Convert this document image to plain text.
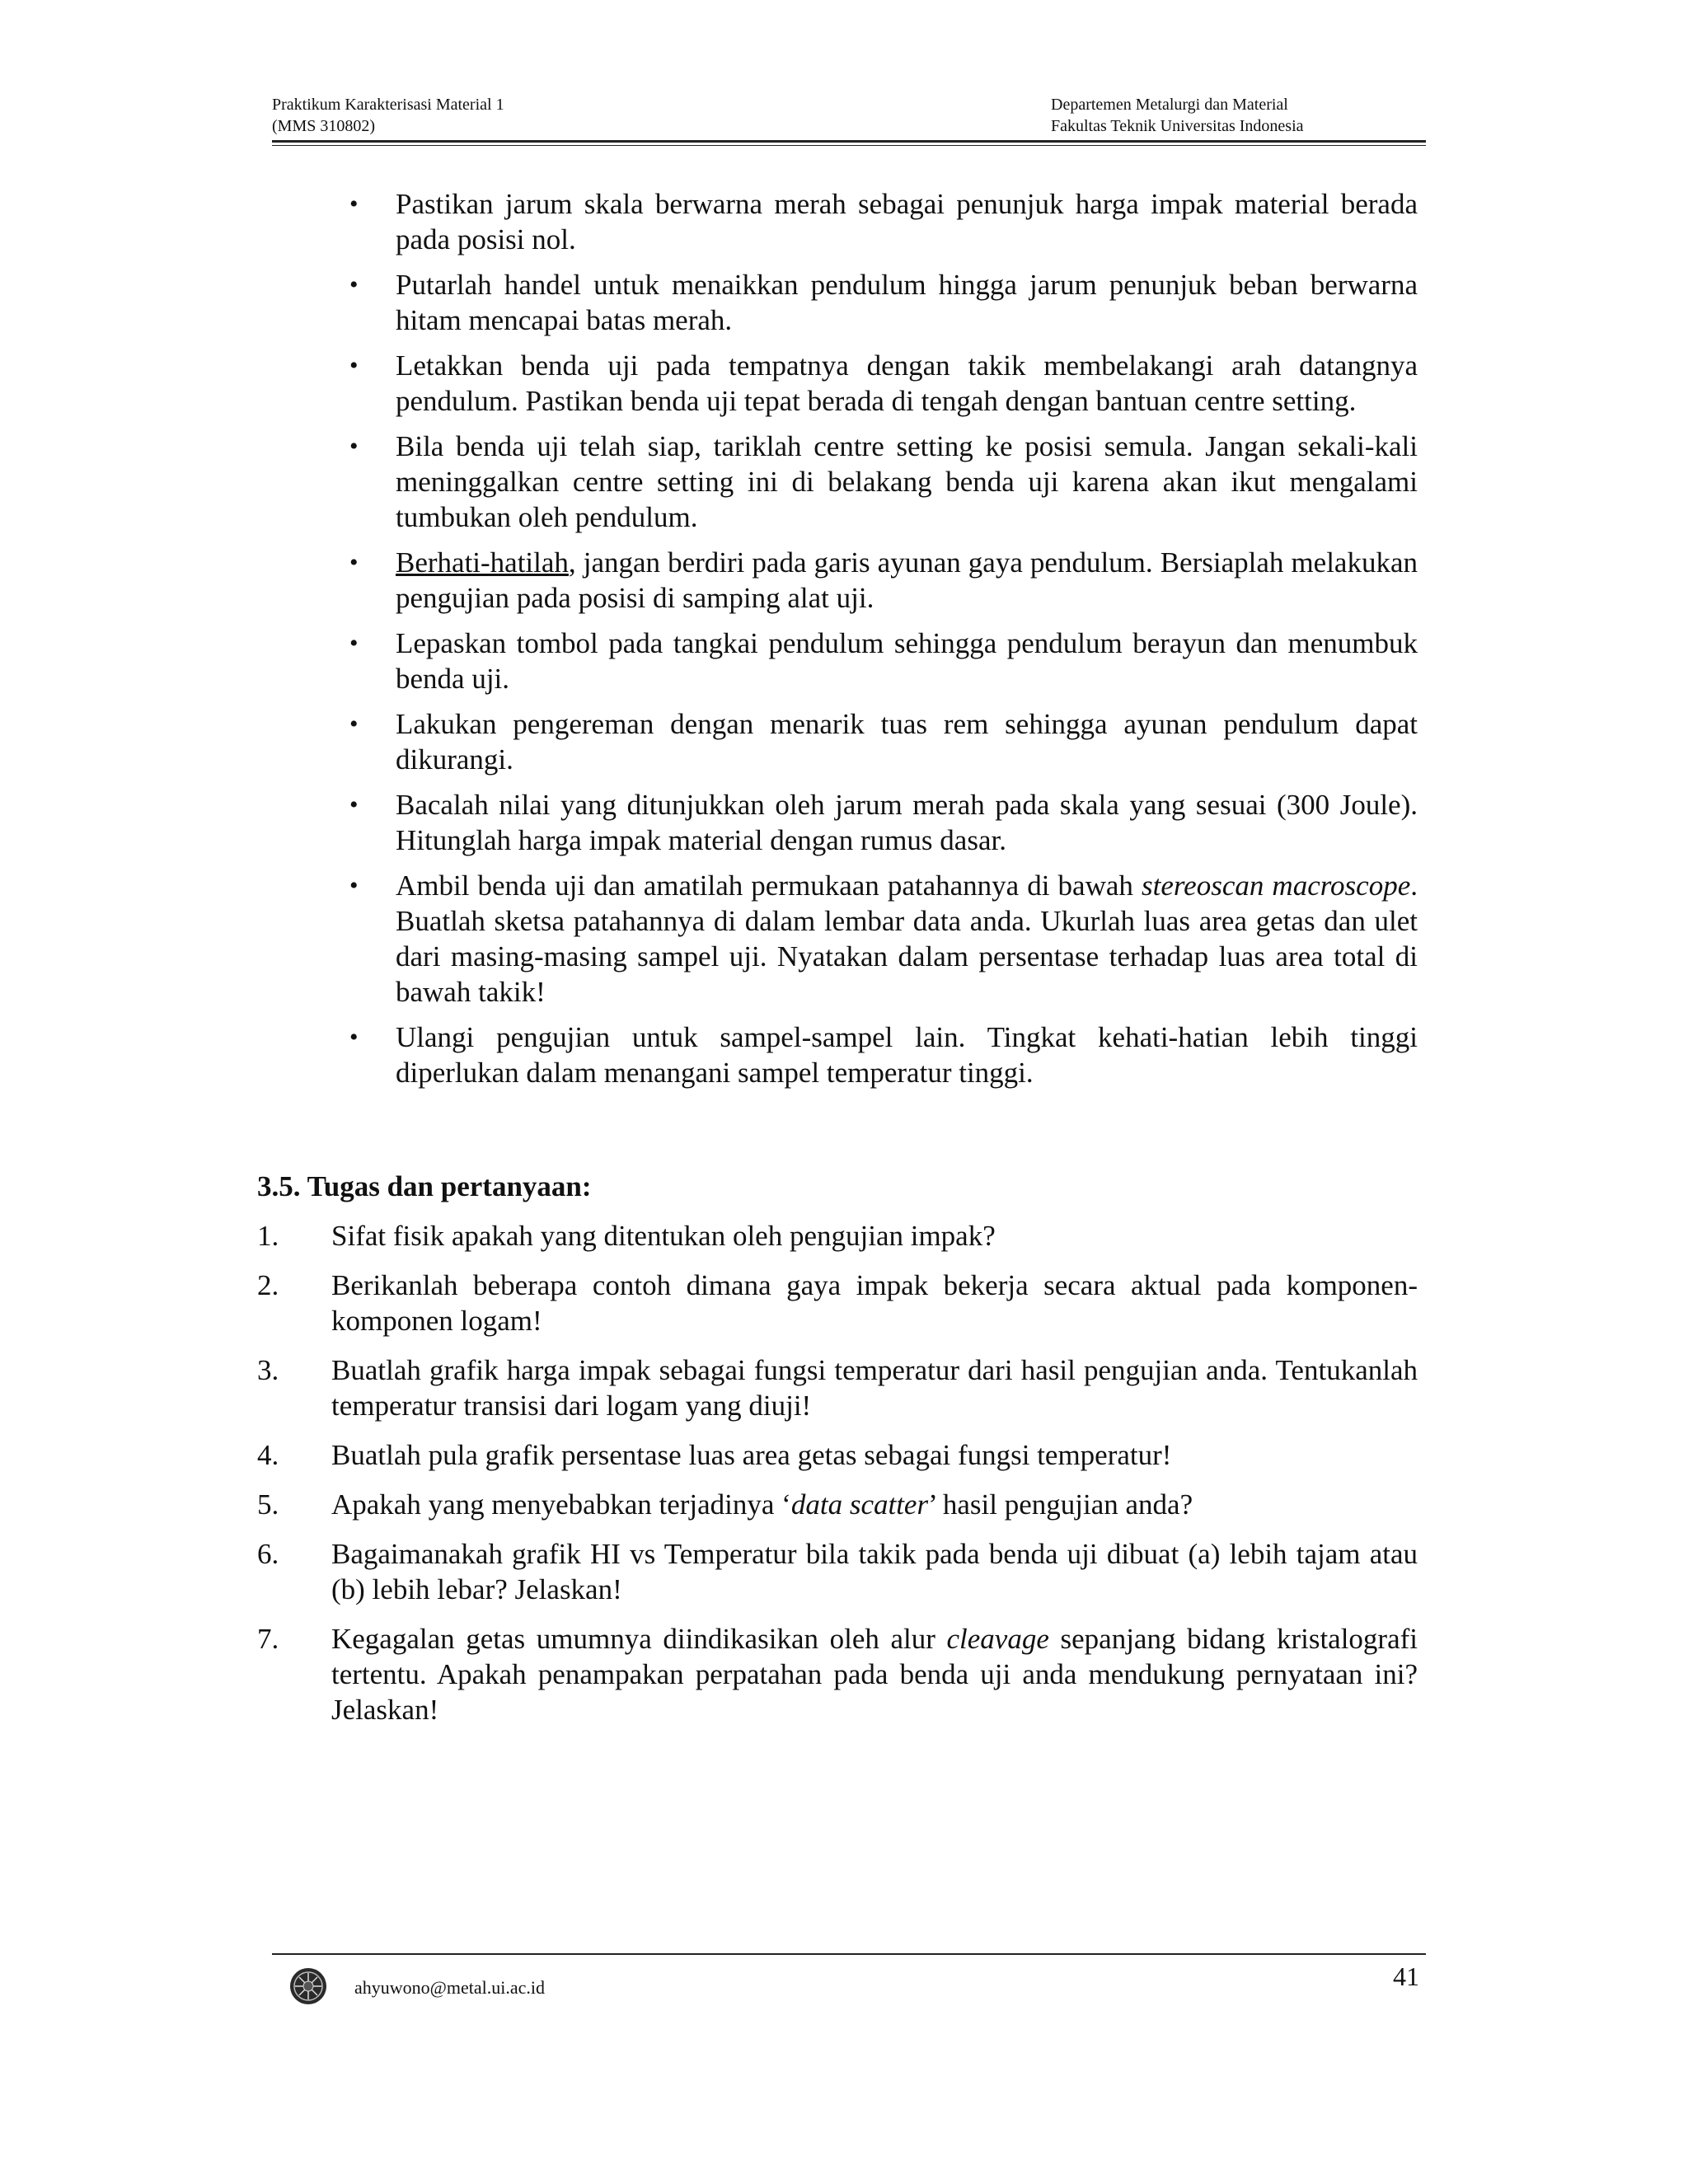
Praktikum Karakterisasi Material 1
(MMS 310802)
Departemen Metalurgi dan Material
Fakultas Teknik Universitas Indonesia
• Pastikan jarum skala berwarna merah sebagai penunjuk harga impak material berada pada posisi nol.
• Putarlah handel untuk menaikkan pendulum hingga jarum penunjuk beban berwarna hitam mencapai batas merah.
• Letakkan benda uji pada tempatnya dengan takik membelakangi arah datangnya pendulum. Pastikan benda uji tepat berada di tengah dengan bantuan centre setting.
• Bila benda uji telah siap, tariklah centre setting ke posisi semula. Jangan sekali-kali meninggalkan centre setting ini di belakang benda uji karena akan ikut mengalami tumbukan oleh pendulum.
• Berhati-hatilah, jangan berdiri pada garis ayunan gaya pendulum. Bersiaplah melakukan pengujian pada posisi di samping alat uji.
• Lepaskan tombol pada tangkai pendulum sehingga pendulum berayun dan menumbuk benda uji.
• Lakukan pengereman dengan menarik tuas rem sehingga ayunan pendulum dapat dikurangi.
• Bacalah nilai yang ditunjukkan oleh jarum merah pada skala yang sesuai (300 Joule). Hitunglah harga impak material dengan rumus dasar.
• Ambil benda uji dan amatilah permukaan patahannya di bawah stereoscan macroscope. Buatlah sketsa patahannya di dalam lembar data anda. Ukurlah luas area getas dan ulet dari masing-masing sampel uji. Nyatakan dalam persentase terhadap luas area total di bawah takik!
• Ulangi pengujian untuk sampel-sampel lain. Tingkat kehati-hatian lebih tinggi diperlukan dalam menangani sampel temperatur tinggi.
3.5. Tugas dan pertanyaan:
1. Sifat fisik apakah yang ditentukan oleh pengujian impak?
2. Berikanlah beberapa contoh dimana gaya impak bekerja secara aktual pada komponen-komponen logam!
3. Buatlah grafik harga impak sebagai fungsi temperatur dari hasil pengujian anda. Tentukanlah temperatur transisi dari logam yang diuji!
4. Buatlah pula grafik persentase luas area getas sebagai fungsi temperatur!
5. Apakah yang menyebabkan terjadinya ‘data scatter’ hasil pengujian anda?
6. Bagaimanakah grafik HI vs Temperatur bila takik pada benda uji dibuat (a) lebih tajam atau (b) lebih lebar? Jelaskan!
7. Kegagalan getas umumnya diindikasikan oleh alur cleavage sepanjang bidang kristalografi tertentu. Apakah penampakan perpatahan pada benda uji anda mendukung pernyataan ini? Jelaskan!
ahyuwono@metal.ui.ac.id	41
